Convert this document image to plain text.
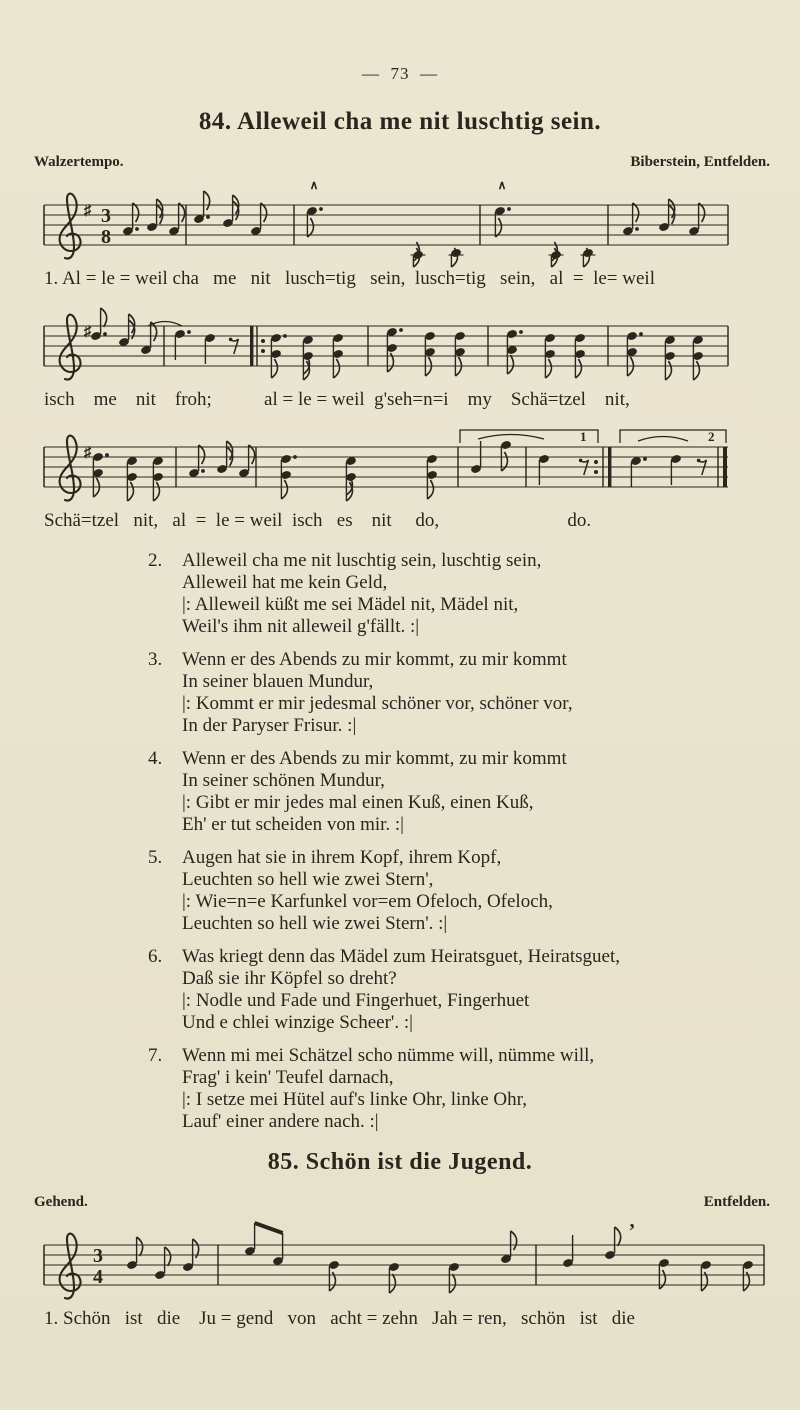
—  73  —
84. Alleweil cha me nit luschtig sein.
Walzertempo.	Biberstein, Entfelden.
♯ 3
8
∧	∧
1. Al = le = weil cha   me   nit   lusch=tig   sein,  lusch=tig   sein,   al  =  le= weil
♯
isch    me    nit    froh;           al = le = weil  g'seh=n=i    my    Schä=tzel    nit,
♯
1	2
Schä=tzel   nit,   al  =  le = weil  isch   es    nit     do,                           do.
2.	Alleweil cha me nit luschtig sein, luschtig sein,
Alleweil hat me kein Geld,
|: Alleweil küßt me sei Mädel nit, Mädel nit,
Weil's ihm nit alleweil g'fällt. :|
3.	Wenn er des Abends zu mir kommt, zu mir kommt
In seiner blauen Mundur,
|: Kommt er mir jedesmal schöner vor, schöner vor,
In der Paryser Frisur. :|
4.	Wenn er des Abends zu mir kommt, zu mir kommt
In seiner schönen Mundur,
|: Gibt er mir jedes mal einen Kuß, einen Kuß,
Eh' er tut scheiden von mir. :|
5.	Augen hat sie in ihrem Kopf, ihrem Kopf,
Leuchten so hell wie zwei Stern',
|: Wie=n=e Karfunkel vor=em Ofeloch, Ofeloch,
Leuchten so hell wie zwei Stern'. :|
6.	Was kriegt denn das Mädel zum Heiratsguet, Heiratsguet,
Daß sie ihr Köpfel so dreht?
|: Nodle und Fade und Fingerhuet, Fingerhuet
Und e chlei winzige Scheer'. :|
7.	Wenn mi mei Schätzel scho nümme will, nümme will,
Frag' i kein' Teufel darnach,
|: I setze mei Hütel auf's linke Ohr, linke Ohr,
Lauf' einer andere nach. :|
85. Schön ist die Jugend.
Gehend.	Entfelden.
3
4
’
1. Schön   ist   die    Ju = gend   von   acht = zehn   Jah = ren,   schön   ist   die
